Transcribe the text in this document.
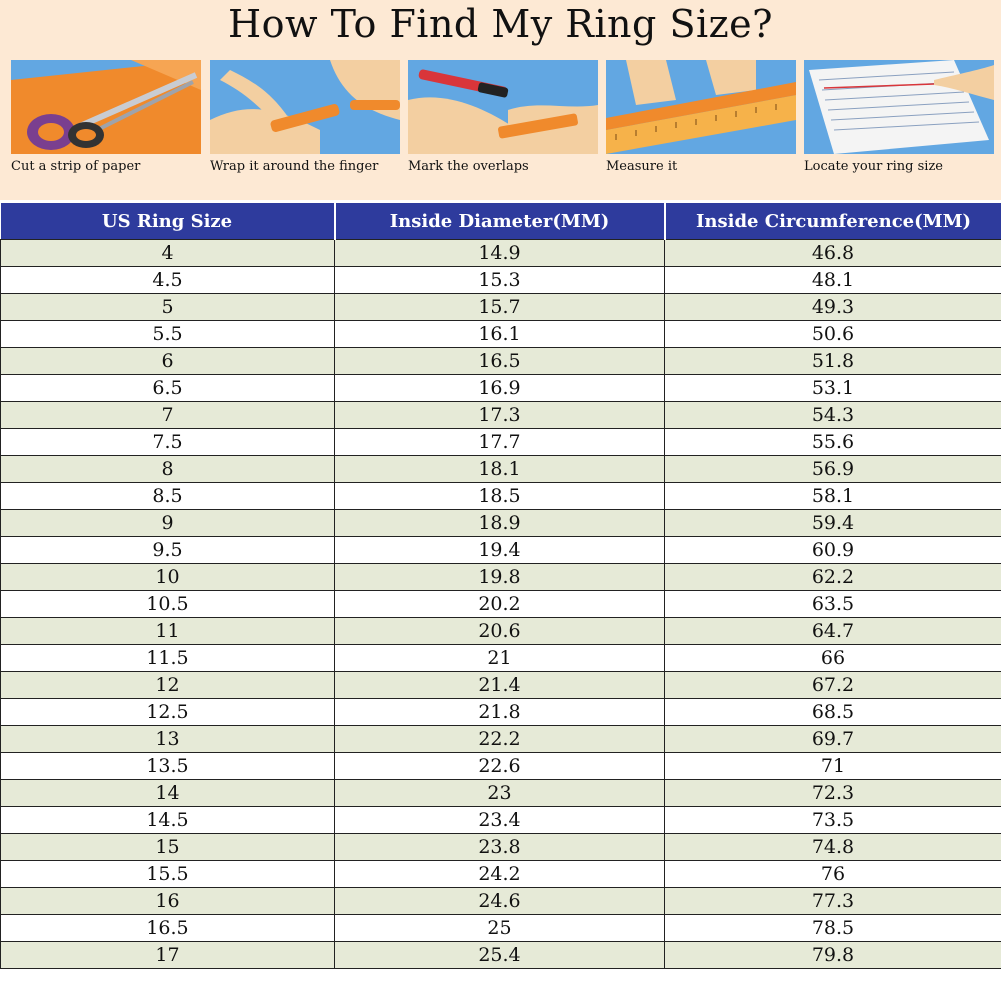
How To Find My Ring Size?
Cut a strip of paper	Wrap it around the finger Mark the overlaps	Measure it	Locate your ring size
US Ring Size	Inside Diameter(MM)	Inside Circumference(MM)
4	14.9	46.8
4.5	15.3	48.1
5	15.7	49.3
5.5	16.1	50.6
6	16.5	51.8
6.5	16.9	53.1
7	17.3	54.3
7.5	17.7	55.6
8	18.1	56.9
8.5	18.5	58.1
9	18.9	59.4
9.5	19.4	60.9
10	19.8	62.2
10.5	20.2	63.5
11	20.6	64.7
11.5	21	66
12	21.4	67.2
12.5	21.8	68.5
13	22.2	69.7
13.5	22.6	71
14	23	72.3
14.5	23.4	73.5
15	23.8	74.8
15.5	24.2	76
16	24.6	77.3
16.5	25	78.5
17	25.4	79.8
